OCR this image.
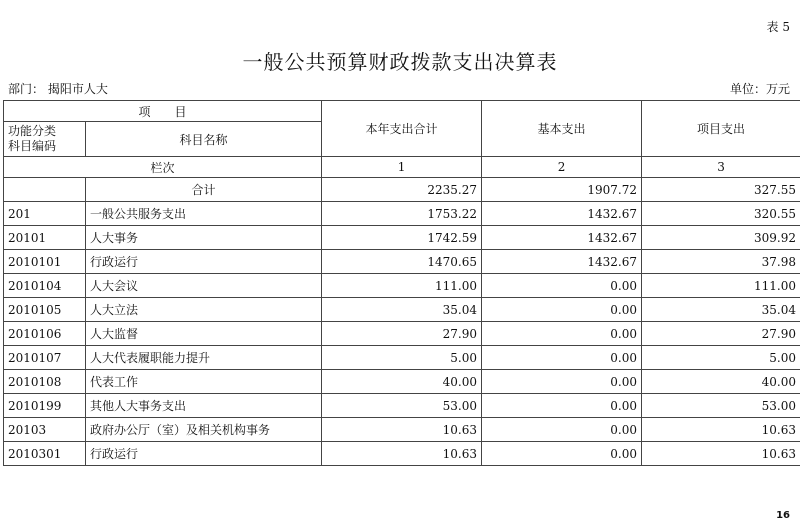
表 5
一般公共预算财政拨款支出决算表
部门： 揭阳市人大	单位：万元
项　　目		本年支出合计	基本支出	项目支出

功能分类
科目编码	科目名称			
栏次		1	2	3
	合计	2235.27	1907.72	327.55
201	一般公共服务支出	1753.22	1432.67	320.55
20101	人大事务	1742.59	1432.67	309.92
2010101	行政运行	1470.65	1432.67	37.98
2010104	人大会议	111.00	0.00	111.00
2010105	人大立法	35.04	0.00	35.04
2010106	人大监督	27.90	0.00	27.90
2010107	人大代表履职能力提升	5.00	0.00	5.00
2010108	代表工作	40.00	0.00	40.00
2010199	其他人大事务支出	53.00	0.00	53.00
20103	政府办公厅（室）及相关机构事务	10.63	0.00	10.63
2010301	行政运行	10.63	0.00	10.63
16
